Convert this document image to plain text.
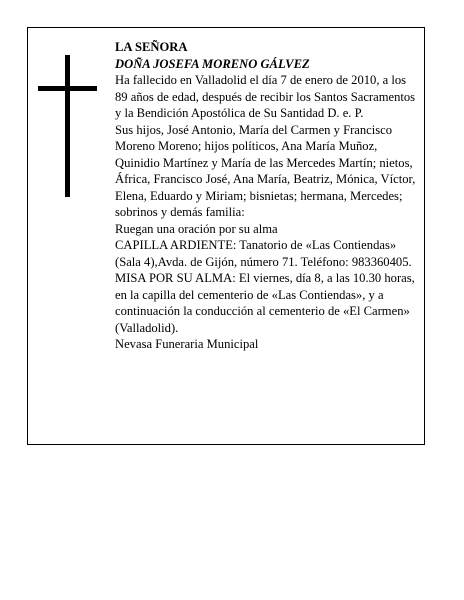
LA SEÑORA

DOÑA JOSEFA MORENO GÁLVEZ

Ha fallecido en Valladolid el día 7 de enero de 2010, a los 89 años de edad, después de recibir los Santos Sacramentos y la Bendición Apostólica de Su Santidad D. e. P.

Sus hijos, José Antonio, María del Carmen y Francisco Moreno Moreno; hijos políticos, Ana María Muñoz, Quinidio Martínez y María de las Mercedes Martín; nietos, África, Francisco José, Ana María, Beatriz, Mónica, Víctor, Elena, Eduardo y Miriam; bisnietas; hermana, Mercedes; sobrinos y demás familia:

Ruegan una oración por su alma

CAPILLA ARDIENTE: Tanatorio de «Las Contiendas» (Sala 4),Avda. de Gijón, número 71. Teléfono: 983360405.

MISA POR SU ALMA: El viernes, día 8, a las 10.30 horas, en la capilla del cementerio de «Las Contiendas», y a continuación la conducción al cementerio de «El Carmen» (Valladolid).

Nevasa Funeraria Municipal
